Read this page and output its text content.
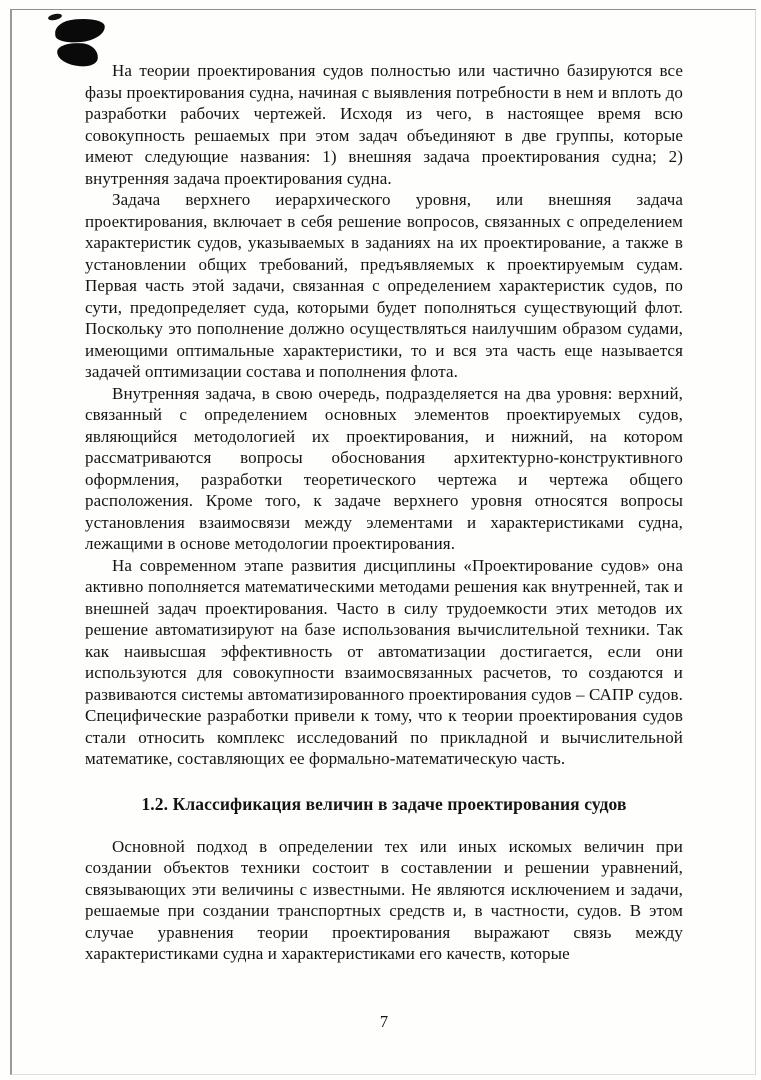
На теории проектирования судов полностью или частично базируются все фазы проектирования судна, начиная с выявления потребности в нем и вплоть до разработки рабочих чертежей. Исходя из чего, в настоящее время всю совокупность решаемых при этом задач объединяют в две группы, которые имеют следующие названия: 1) внешняя задача проектирования судна; 2) внутренняя задача проектирования судна.

Задача верхнего иерархического уровня, или внешняя задача проектирования, включает в себя решение вопросов, связанных с определением характеристик судов, указываемых в заданиях на их проектирование, а также в установлении общих требований, предъявляемых к проектируемым судам. Первая часть этой задачи, связанная с определением характеристик судов, по сути, предопределяет суда, которыми будет пополняться существующий флот. Поскольку это пополнение должно осуществляться наилучшим образом судами, имеющими оптимальные характеристики, то и вся эта часть еще называется задачей оптимизации состава и пополнения флота.

Внутренняя задача, в свою очередь, подразделяется на два уровня: верхний, связанный с определением основных элементов проектируемых судов, являющийся методологией их проектирования, и нижний, на котором рассматриваются вопросы обоснования архитектурно-конструктивного оформления, разработки теоретического чертежа и чертежа общего расположения. Кроме того, к задаче верхнего уровня относятся вопросы установления взаимосвязи между элементами и характеристиками судна, лежащими в основе методологии проектирования.

На современном этапе развития дисциплины «Проектирование судов» она активно пополняется математическими методами решения как внутренней, так и внешней задач проектирования. Часто в силу трудоемкости этих методов их решение автоматизируют на базе использования вычислительной техники. Так как наивысшая эффективность от автоматизации достигается, если они используются для совокупности взаимосвязанных расчетов, то создаются и развиваются системы автоматизированного проектирования судов – САПР судов. Специфические разработки привели к тому, что к теории проектирования судов стали относить комплекс исследований по прикладной и вычислительной математике, составляющих ее формально-математическую часть.

1.2. Классификация величин в задаче проектирования судов

Основной подход в определении тех или иных искомых величин при создании объектов техники состоит в составлении и решении уравнений, связывающих эти величины с известными. Не являются исключением и задачи, решаемые при создании транспортных средств и, в частности, судов. В этом случае уравнения теории проектирования выражают связь между характеристиками судна и характеристиками его качеств, которые

7
